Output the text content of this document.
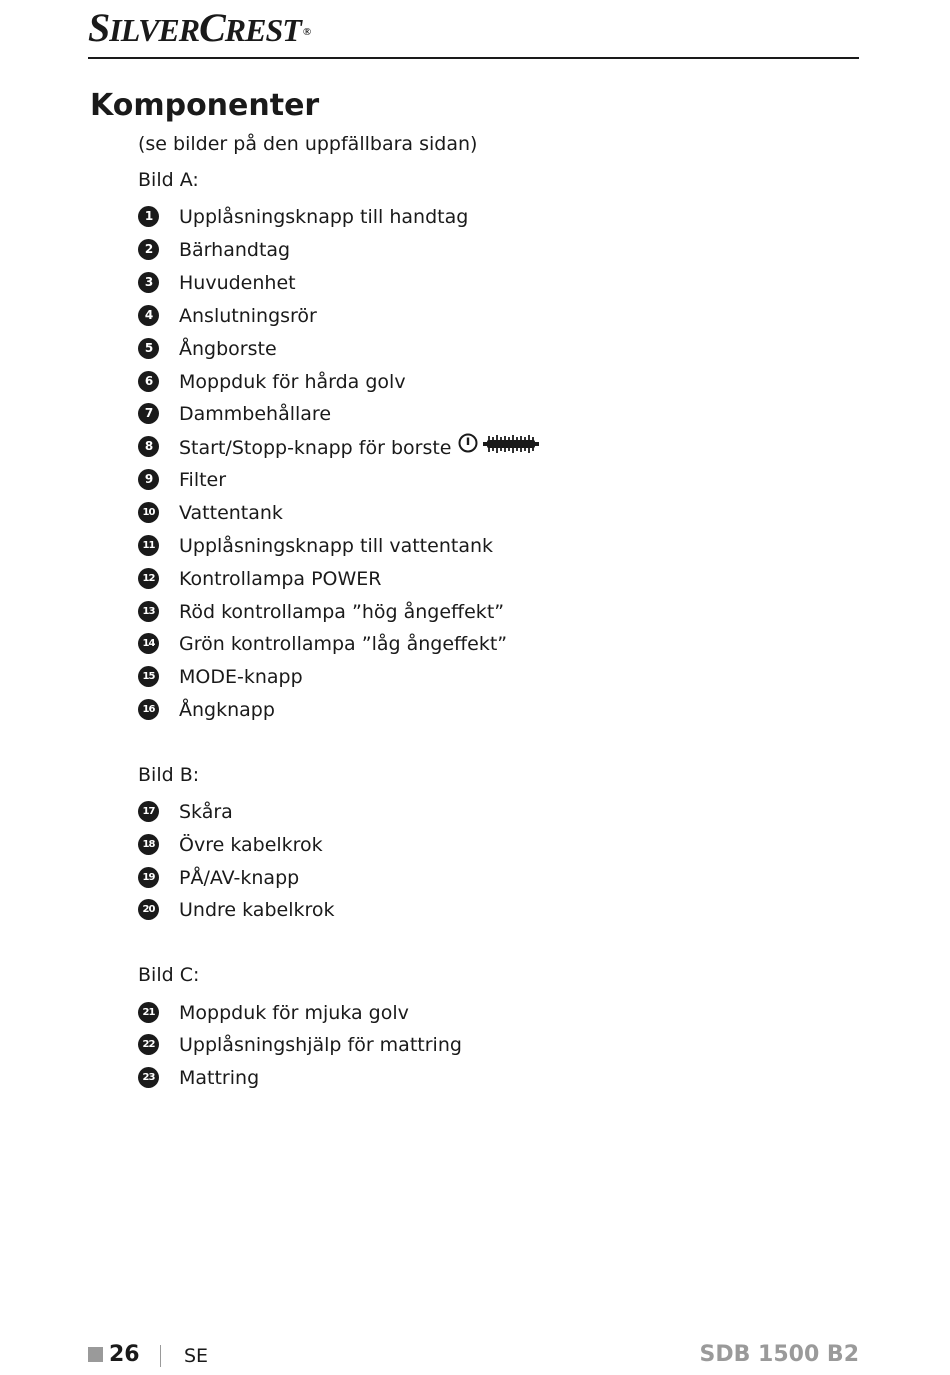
SILVERCREST ®
Komponenter
(se bilder på den uppfällbara sidan)
Bild A:
1	Upplåsningsknapp till handtag
2	Bärhandtag
3	Huvudenhet
4	Anslutningsrör
5	Ångborste
6	Moppduk för hårda golv
7	Dammbehållare
8	Start/Stopp-knapp för borste
9	Filter
10 Vattentank
11 Upplåsningsknapp till vattentank
12 Kontrollampa POWER
13 Röd kontrollampa ”hög ångeffekt”
14 Grön kontrollampa ”låg ångeffekt”
15 MODE-knapp
16 Ångknapp
Bild B:
17 Skåra
18 Övre kabelkrok
19 PÅ/AV-knapp
20 Undre kabelkrok
Bild C:
21 Moppduk för mjuka golv
22 Upplåsningshjälp för mattring
23 Mattring
26 SE	SDB 1500 B2
